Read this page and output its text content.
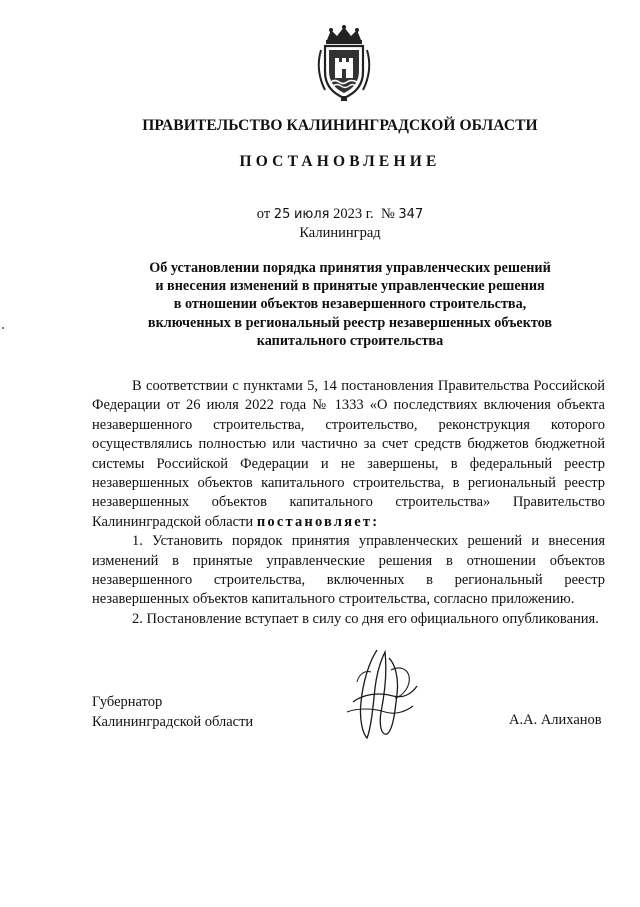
ПРАВИТЕЛЬСТВО КАЛИНИНГРАДСКОЙ ОБЛАСТИ
ПОСТАНОВЛЕНИЕ
от 25 июля 2023 г. № 347
Калининград
Об установлении порядка принятия управленческих решений
и внесения изменений в принятые управленческие решения
в отношении объектов незавершенного строительства,
включенных в региональный реестр незавершенных объектов
капитального строительства

В соответствии с пунктами 5, 14 постановления Правительства Российской Федерации от 26 июля 2022 года № 1333 «О последствиях включения объекта незавершенного строительства, строительство, реконструкция которого осуществлялись полностью или частично за счет средств бюджетов бюджетной системы Российской Федерации и не завершены, в федеральный реестр незавершенных объектов капитального строительства, в региональный реестр незавершенных объектов капитального строительства» Правительство Калининградской области постановляет:

1. Установить порядок принятия управленческих решений и внесения изменений в принятые управленческие решения в отношении объектов незавершенного строительства, включенных в региональный реестр незавершенных объектов капитального строительства, согласно приложению.

2. Постановление вступает в силу со дня его официального опубликования.

Губернатор
Калининградской области	А.А. Алиханов
